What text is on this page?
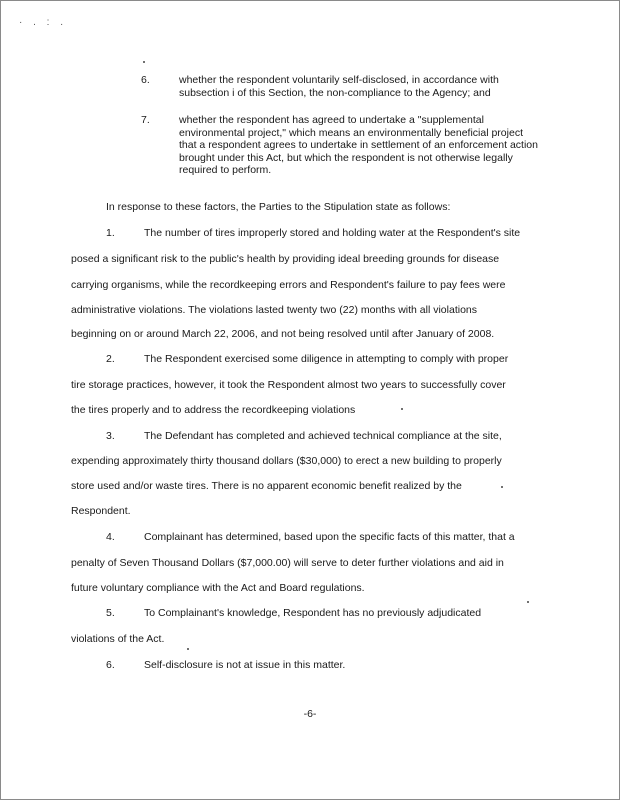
· . : .
6.	whether the respondent voluntarily self-disclosed, in accordance with subsection i of this Section, the non-compliance to the Agency; and
7.	whether the respondent has agreed to undertake a "supplemental environmental project," which means an environmentally beneficial project that a respondent agrees to undertake in settlement of an enforcement action brought under this Act, but which the respondent is not otherwise legally required to perform.
In response to these factors, the Parties to the Stipulation state as follows:
1.	The number of tires improperly stored and holding water at the Respondent's site
posed a significant risk to the public's health by providing ideal breeding grounds for disease
carrying organisms, while the recordkeeping errors and Respondent's failure to pay fees were
administrative violations. The violations lasted twenty two (22) months with all violations
beginning on or around March 22, 2006, and not being resolved until after January of 2008.
2.	The Respondent exercised some diligence in attempting to comply with proper
tire storage practices, however, it took the Respondent almost two years to successfully cover
the tires properly and to address the recordkeeping violations
3.	The Defendant has completed and achieved technical compliance at the site,
expending approximately thirty thousand dollars ($30,000) to erect a new building to properly
store used and/or waste tires. There is no apparent economic benefit realized by the
Respondent.
4.	Complainant has determined, based upon the specific facts of this matter, that a
penalty of Seven Thousand Dollars ($7,000.00) will serve to deter further violations and aid in
future voluntary compliance with the Act and Board regulations.
5.	To Complainant's knowledge, Respondent has no previously adjudicated
violations of the Act.
6.	Self-disclosure is not at issue in this matter.
-6-
